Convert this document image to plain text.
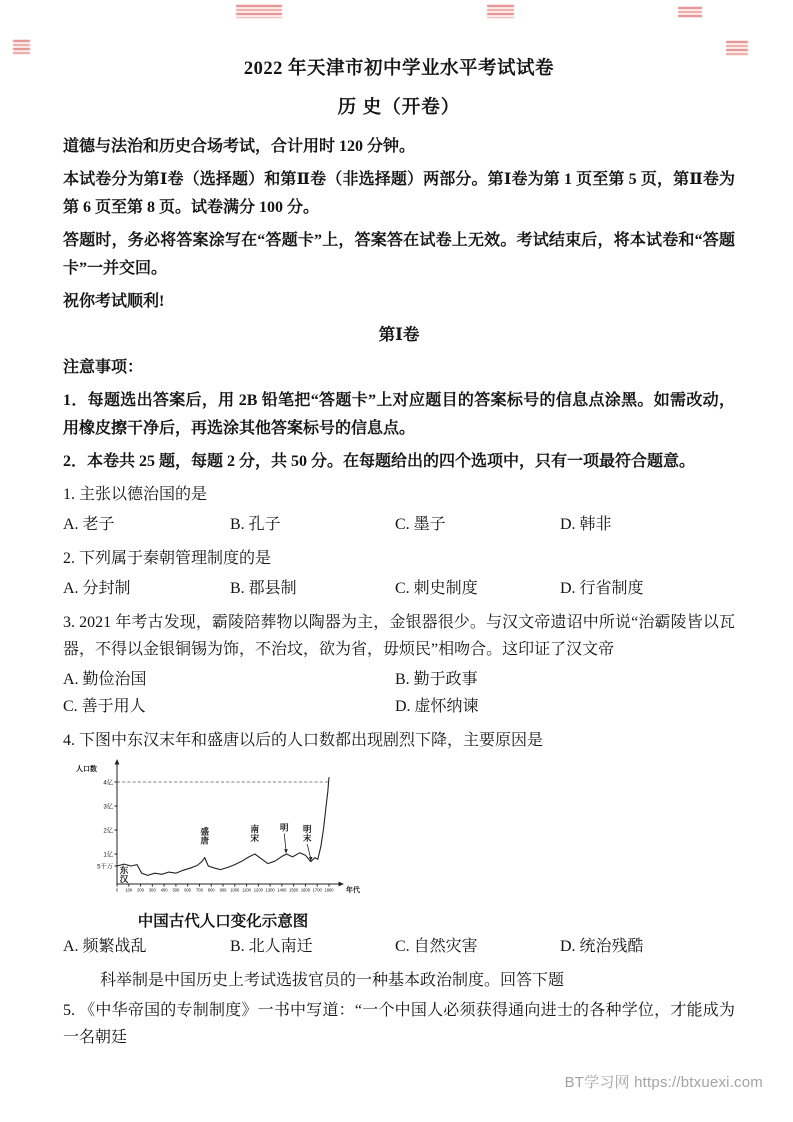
2022 年天津市初中学业水平考试试卷
历 史（开卷）

道德与法治和历史合场考试，合计用时 120 分钟。

本试卷分为第Ⅰ卷（选择题）和第Ⅱ卷（非选择题）两部分。第Ⅰ卷为第 1 页至第 5 页，第Ⅱ卷为第 6 页至第 8 页。试卷满分 100 分。

答题时，务必将答案涂写在“答题卡”上，答案答在试卷上无效。考试结束后，将本试卷和“答题卡”一并交回。

祝你考试顺利!

第Ⅰ卷

注意事项：

1．每题选出答案后，用 2B 铅笔把“答题卡”上对应题目的答案标号的信息点涂黑。如需改动，用橡皮擦干净后，再选涂其他答案标号的信息点。

2．本卷共 25 题，每题 2 分，共 50 分。在每题给出的四个选项中，只有一项最符合题意。

1. 主张以德治国的是

A. 老子	B. 孔子	C. 墨子	D. 韩非

2. 下列属于秦朝管理制度的是

A. 分封制	B. 郡县制	C. 刺史制度	D. 行省制度

3. 2021 年考古发现，霸陵陪葬物以陶器为主，金银器很少。与汉文帝遗诏中所说“治霸陵皆以瓦器，不得以金银铜锡为饰，不治坟，欲为省，毋烦民”相吻合。这印证了汉文帝

A. 勤俭治国	B. 勤于政事
C. 善于用人	D. 虚怀纳谏

4. 下图中东汉末年和盛唐以后的人口数都出现剧烈下降，主要原因是

人口数
年代
5千万
1亿
2亿
3亿
4亿
0 100 200 300 400 500 600 700 800 900 1000 1100 1200 1300 1400 1500 1600 1700 1800
东
汉
盛
唐
南
宋
明 明
末
中国古代人口变化示意图
A. 频繁战乱	B. 北人南迁	C. 自然灾害	D. 统治残酷

科举制是中国历史上考试选拔官员的一种基本政治制度。回答下题

5. 《中华帝国的专制制度》一书中写道：“一个中国人必须获得通向进士的各种学位，才能成为一名朝廷

BT学习网 https://btxuexi.com
